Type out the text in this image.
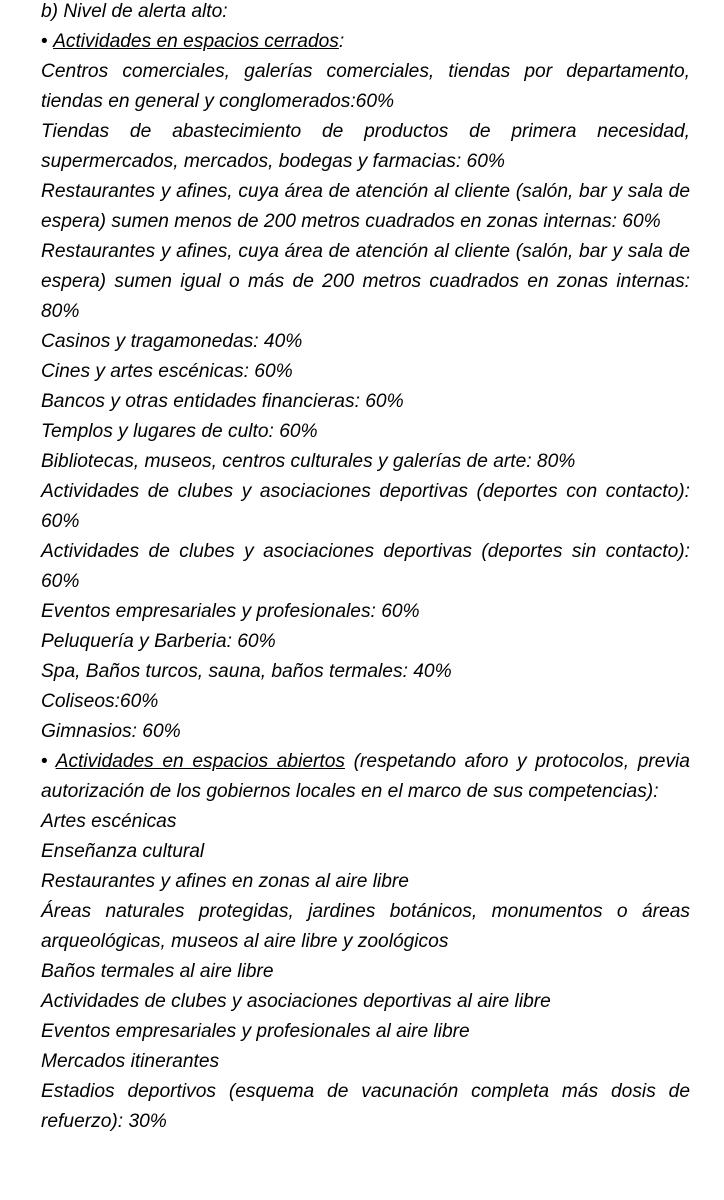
b) Nivel de alerta alto:

• Actividades en espacios cerrados:

Centros comerciales, galerías comerciales, tiendas por departamento, tiendas en general y conglomerados:60%

Tiendas de abastecimiento de productos de primera necesidad, supermercados, mercados, bodegas y farmacias: 60%

Restaurantes y afines, cuya área de atención al cliente (salón, bar y sala de espera) sumen menos de 200 metros cuadrados en zonas internas: 60%

Restaurantes y afines, cuya área de atención al cliente (salón, bar y sala de espera) sumen igual o más de 200 metros cuadrados en zonas internas: 80%

Casinos y tragamonedas: 40%

Cines y artes escénicas: 60%

Bancos y otras entidades financieras: 60%

Templos y lugares de culto: 60%

Bibliotecas, museos, centros culturales y galerías de arte: 80%

Actividades de clubes y asociaciones deportivas (deportes con contacto): 60%

Actividades de clubes y asociaciones deportivas (deportes sin contacto): 60%

Eventos empresariales y profesionales: 60%

Peluquería y Barberia: 60%

Spa, Baños turcos, sauna, baños termales: 40%

Coliseos:60%

Gimnasios: 60%

• Actividades en espacios abiertos (respetando aforo y protocolos, previa autorización de los gobiernos locales en el marco de sus competencias):

Artes escénicas

Enseñanza cultural

Restaurantes y afines en zonas al aire libre

Áreas naturales protegidas, jardines botánicos, monumentos o áreas arqueológicas, museos al aire libre y zoológicos

Baños termales al aire libre

Actividades de clubes y asociaciones deportivas al aire libre

Eventos empresariales y profesionales al aire libre

Mercados itinerantes

Estadios deportivos (esquema de vacunación completa más dosis de refuerzo): 30%
